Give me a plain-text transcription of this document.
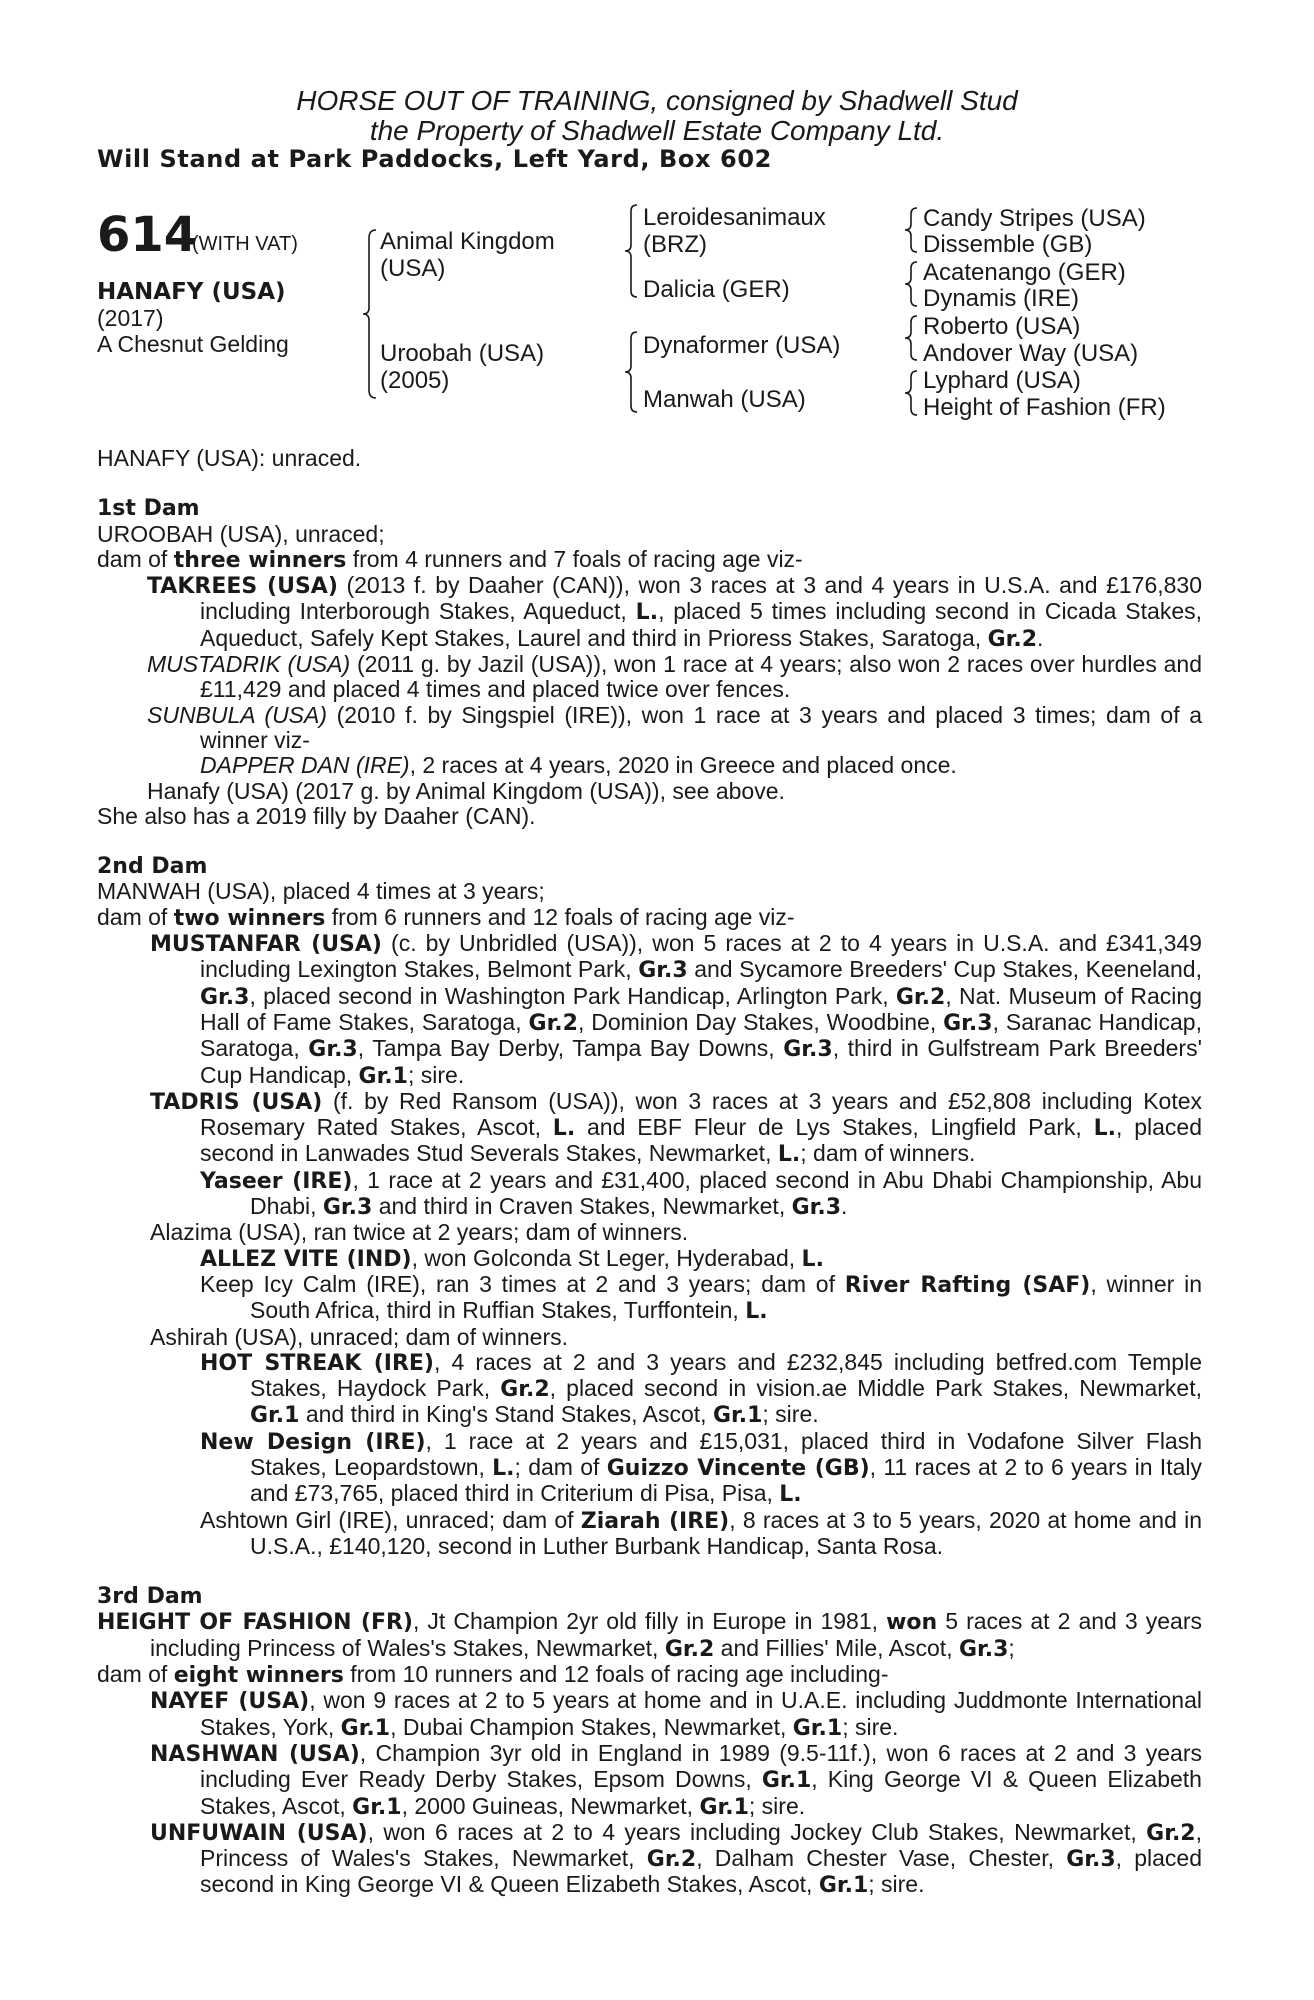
HORSE OUT OF TRAINING, consigned by Shadwell Stud
the Property of Shadwell Estate Company Ltd.
Will Stand at Park Paddocks, Left Yard, Box 602
614
(WITH VAT)
HANAFY (USA)
(2017)
A Chesnut Gelding
Animal Kingdom
(USA)
Uroobah (USA)
(2005)
Leroidesanimaux
(BRZ)
Dalicia (GER)
Dynaformer (USA)
Manwah (USA)
Candy Stripes (USA)
Dissemble (GB)
Acatenango (GER)
Dynamis (IRE)
Roberto (USA)
Andover Way (USA)
Lyphard (USA)
Height of Fashion (FR)

HANAFY (USA): unraced.

1st Dam

UROOBAH (USA), unraced;

dam of three winners from 4 runners and 7 foals of racing age viz-

TAKREES (USA) (2013 f. by Daaher (CAN)), won 3 races at 3 and 4 years in U.S.A. and £176,830 including Interborough Stakes, Aqueduct, L., placed 5 times including second in Cicada Stakes, Aqueduct, Safely Kept Stakes, Laurel and third in Prioress Stakes, Saratoga, Gr.2.

MUSTADRIK (USA) (2011 g. by Jazil (USA)), won 1 race at 4 years; also won 2 races over hurdles and £11,429 and placed 4 times and placed twice over fences.

SUNBULA (USA) (2010 f. by Singspiel (IRE)), won 1 race at 3 years and placed 3 times; dam of a winner viz-

DAPPER DAN (IRE), 2 races at 4 years, 2020 in Greece and placed once.

Hanafy (USA) (2017 g. by Animal Kingdom (USA)), see above.

She also has a 2019 filly by Daaher (CAN).

2nd Dam

MANWAH (USA), placed 4 times at 3 years;

dam of two winners from 6 runners and 12 foals of racing age viz-

MUSTANFAR (USA) (c. by Unbridled (USA)), won 5 races at 2 to 4 years in U.S.A. and £341,349 including Lexington Stakes, Belmont Park, Gr.3 and Sycamore Breeders' Cup Stakes, Keeneland, Gr.3, placed second in Washington Park Handicap, Arlington Park, Gr.2, Nat. Museum of Racing Hall of Fame Stakes, Saratoga, Gr.2, Dominion Day Stakes, Woodbine, Gr.3, Saranac Handicap, Saratoga, Gr.3, Tampa Bay Derby, Tampa Bay Downs, Gr.3, third in Gulfstream Park Breeders' Cup Handicap, Gr.1; sire.

TADRIS (USA) (f. by Red Ransom (USA)), won 3 races at 3 years and £52,808 including Kotex Rosemary Rated Stakes, Ascot, L. and EBF Fleur de Lys Stakes, Lingfield Park, L., placed second in Lanwades Stud Severals Stakes, Newmarket, L.; dam of winners.

Yaseer (IRE), 1 race at 2 years and £31,400, placed second in Abu Dhabi Championship, Abu Dhabi, Gr.3 and third in Craven Stakes, Newmarket, Gr.3.

Alazima (USA), ran twice at 2 years; dam of winners.

ALLEZ VITE (IND), won Golconda St Leger, Hyderabad, L.

Keep Icy Calm (IRE), ran 3 times at 2 and 3 years; dam of River Rafting (SAF), winner in South Africa, third in Ruffian Stakes, Turffontein, L.

Ashirah (USA), unraced; dam of winners.

HOT STREAK (IRE), 4 races at 2 and 3 years and £232,845 including betfred.com Temple Stakes, Haydock Park, Gr.2, placed second in vision.ae Middle Park Stakes, Newmarket, Gr.1 and third in King's Stand Stakes, Ascot, Gr.1; sire.

New Design (IRE), 1 race at 2 years and £15,031, placed third in Vodafone Silver Flash Stakes, Leopardstown, L.; dam of Guizzo Vincente (GB), 11 races at 2 to 6 years in Italy and £73,765, placed third in Criterium di Pisa, Pisa, L.

Ashtown Girl (IRE), unraced; dam of Ziarah (IRE), 8 races at 3 to 5 years, 2020 at home and in U.S.A., £140,120, second in Luther Burbank Handicap, Santa Rosa.

3rd Dam

HEIGHT OF FASHION (FR), Jt Champion 2yr old filly in Europe in 1981, won 5 races at 2 and 3 years including Princess of Wales's Stakes, Newmarket, Gr.2 and Fillies' Mile, Ascot, Gr.3;

dam of eight winners from 10 runners and 12 foals of racing age including-

NAYEF (USA), won 9 races at 2 to 5 years at home and in U.A.E. including Juddmonte International Stakes, York, Gr.1, Dubai Champion Stakes, Newmarket, Gr.1; sire.

NASHWAN (USA), Champion 3yr old in England in 1989 (9.5-11f.), won 6 races at 2 and 3 years including Ever Ready Derby Stakes, Epsom Downs, Gr.1, King George VI & Queen Elizabeth Stakes, Ascot, Gr.1, 2000 Guineas, Newmarket, Gr.1; sire.

UNFUWAIN (USA), won 6 races at 2 to 4 years including Jockey Club Stakes, Newmarket, Gr.2, Princess of Wales's Stakes, Newmarket, Gr.2, Dalham Chester Vase, Chester, Gr.3, placed second in King George VI & Queen Elizabeth Stakes, Ascot, Gr.1; sire.
